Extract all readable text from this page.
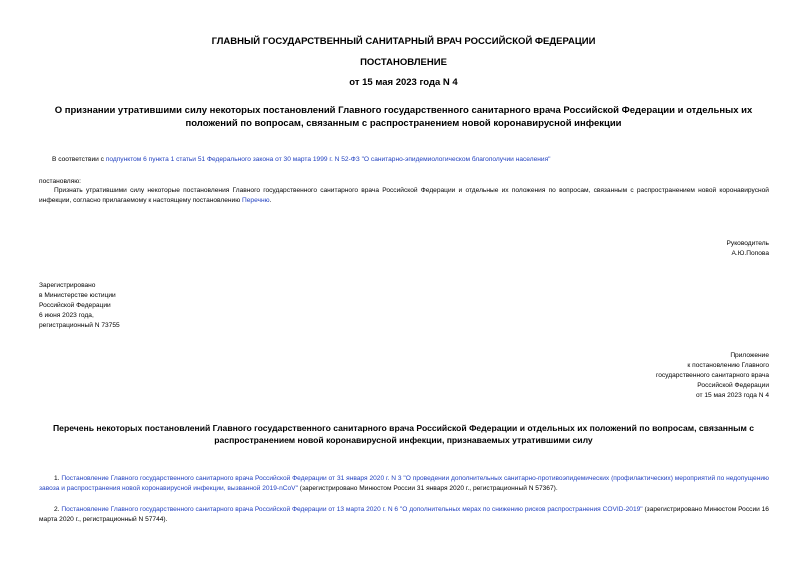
ГЛАВНЫЙ ГОСУДАРСТВЕННЫЙ САНИТАРНЫЙ ВРАЧ РОССИЙСКОЙ ФЕДЕРАЦИИ
ПОСТАНОВЛЕНИЕ
от 15 мая 2023 года N 4
О признании утратившими силу некоторых постановлений Главного государственного санитарного врача Российской Федерации и отдельных их положений по вопросам, связанным с распространением новой коронавирусной инфекции
В соответствии с подпунктом 6 пункта 1 статьи 51 Федерального закона от 30 марта 1999 г. N 52-ФЗ "О санитарно-эпидемиологическом благополучии населения"
постановляю:
Признать утратившими силу некоторые постановления Главного государственного санитарного врача Российской Федерации и отдельные их положения по вопросам, связанным с распространением новой коронавирусной инфекции, согласно прилагаемому к настоящему постановлению Перечню.
Руководитель
А.Ю.Попова
Зарегистрировано
в Министерстве юстиции
Российской Федерации
6 июня 2023 года,
регистрационный N 73755
Приложение
к постановлению Главного
государственного санитарного врача
Российской Федерации
от 15 мая 2023 года N 4
Перечень некоторых постановлений Главного государственного санитарного врача Российской Федерации и отдельных их положений по вопросам, связанным с распространением новой коронавирусной инфекции, признаваемых утратившими силу
1. Постановление Главного государственного санитарного врача Российской Федерации от 31 января 2020 г. N 3 "О проведении дополнительных санитарно-противоэпидемических (профилактических) мероприятий по недопущению завоза и распространения новой коронавирусной инфекции, вызванной 2019-nCoV" (зарегистрировано Минюстом России 31 января 2020 г., регистрационный N 57367).
2. Постановление Главного государственного санитарного врача Российской Федерации от 13 марта 2020 г. N 6 "О дополнительных мерах по снижению рисков распространения COVID-2019" (зарегистрировано Минюстом России 16 марта 2020 г., регистрационный N 57744).
